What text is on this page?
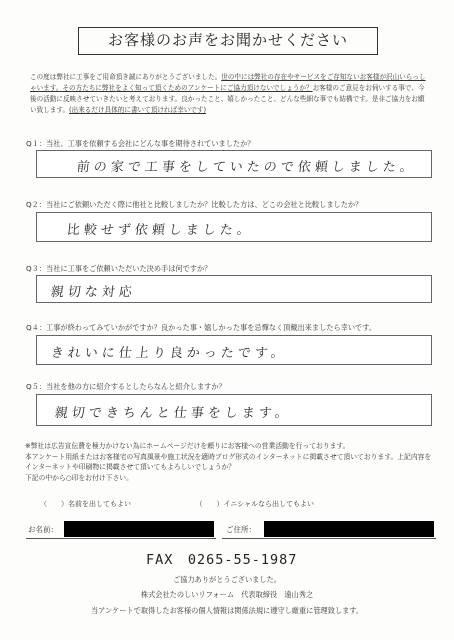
お客様のお声をお聞かせください
この度は弊社に工事をご用命頂き誠にありがとうございました。世の中には弊社の存在やサービスをご存知ないお客様が沢山いらっしゃいます。その方たちに弊社をよく知って頂くためのアンケートにご協力頂けないでしょうか？お客様のご意見をお伺いする事で、今後の活動に反映させていきたいと考えております。良かったこと、嬉しかったこと、どんな些細な事でも結構です。是非ご協力をお願い致します。(出来るだけ具体的に書いて頂ければ幸いです)
Q１：当社、工事を依頼する会社にどんな事を期待されていましたか？
前の家で工事をしていたので依頼しました。
Q２：当社にご依頼いただく際に他社と比較しましたか？比較した方は、どこの会社と比較しましたか？
比較せず依頼しました。
Q３：当社に工事をご依頼いただいた決め手は何ですか？
親切な対応
Q４：工事が終わってみていかがですか？良かった事・嬉しかった事を忌憚なく頂戴出来ましたら幸いです。
きれいに仕上り良かったです。
Q５：当社を他の方に紹介するとしたらなんと紹介しますか？
親切できちんと仕事をします。
※弊社は広告宣伝費を極力かけない為にホームページだけを頼りにお客様への営業活動を行っております。
本アンケート用紙またはお客様宅の写真風景や施工状況を適時ブログ形式のインターネットに掲載させて頂いております。上記内容をインターネットや印刷物に掲載させて頂いてもよろしいでしょうか？
下記の中から○印をお付け下さい。
（　　）名前を出してもよい	（　　）イニシャルなら出してもよい
お名前：	ご住所：
FAX　0265-55-1987
ご協力ありがとうございました。
株式会社たのしいリフォーム　代表取締役　遠山秀之
当アンケートで取得したお客様の個人情報は関係法規に遵守し厳重に管理致します。
